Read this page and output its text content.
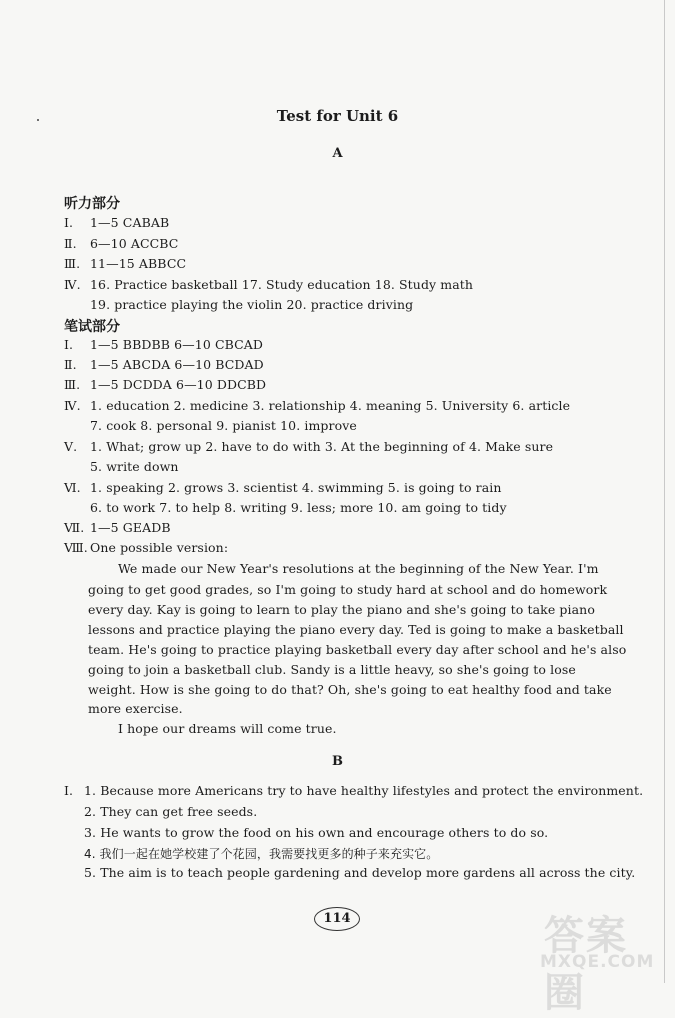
Test for Unit 6
A
听力部分
Ⅰ. 1—5 CABAB
Ⅱ. 6—10 ACCBC
Ⅲ. 11—15 ABBCC
Ⅳ. 16. Practice basketball 17. Study education 18. Study math
19. practice playing the violin 20. practice driving
笔试部分
Ⅰ. 1—5 BBDBB 6—10 CBCAD
Ⅱ. 1—5 ABCDA 6—10 BCDAD
Ⅲ. 1—5 DCDDA 6—10 DDCBD
Ⅳ. 1. education 2. medicine 3. relationship 4. meaning 5. University 6. article
7. cook 8. personal 9. pianist 10. improve
Ⅴ. 1. What; grow up 2. have to do with 3. At the beginning of 4. Make sure
5. write down
Ⅵ. 1. speaking 2. grows 3. scientist 4. swimming 5. is going to rain
6. to work 7. to help 8. writing 9. less; more 10. am going to tidy
Ⅶ. 1—5 GEADB
Ⅷ. One possible version:
We made our New Year's resolutions at the beginning of the New Year. I'm
going to get good grades, so I'm going to study hard at school and do homework
every day. Kay is going to learn to play the piano and she's going to take piano
lessons and practice playing the piano every day. Ted is going to make a basketball
team. He's going to practice playing basketball every day after school and he's also
going to join a basketball club. Sandy is a little heavy, so she's going to lose
weight. How is she going to do that? Oh, she's going to eat healthy food and take
more exercise.
I hope our dreams will come true.
B
Ⅰ. 1. Because more Americans try to have healthy lifestyles and protect the environment.
2. They can get free seeds.
3. He wants to grow the food on his own and encourage others to do so.
4. 我们一起在她学校建了个花园，我需要找更多的种子来充实它。
5. The aim is to teach people gardening and develop more gardens all across the city.
114	答案圈
MXQE.COM
